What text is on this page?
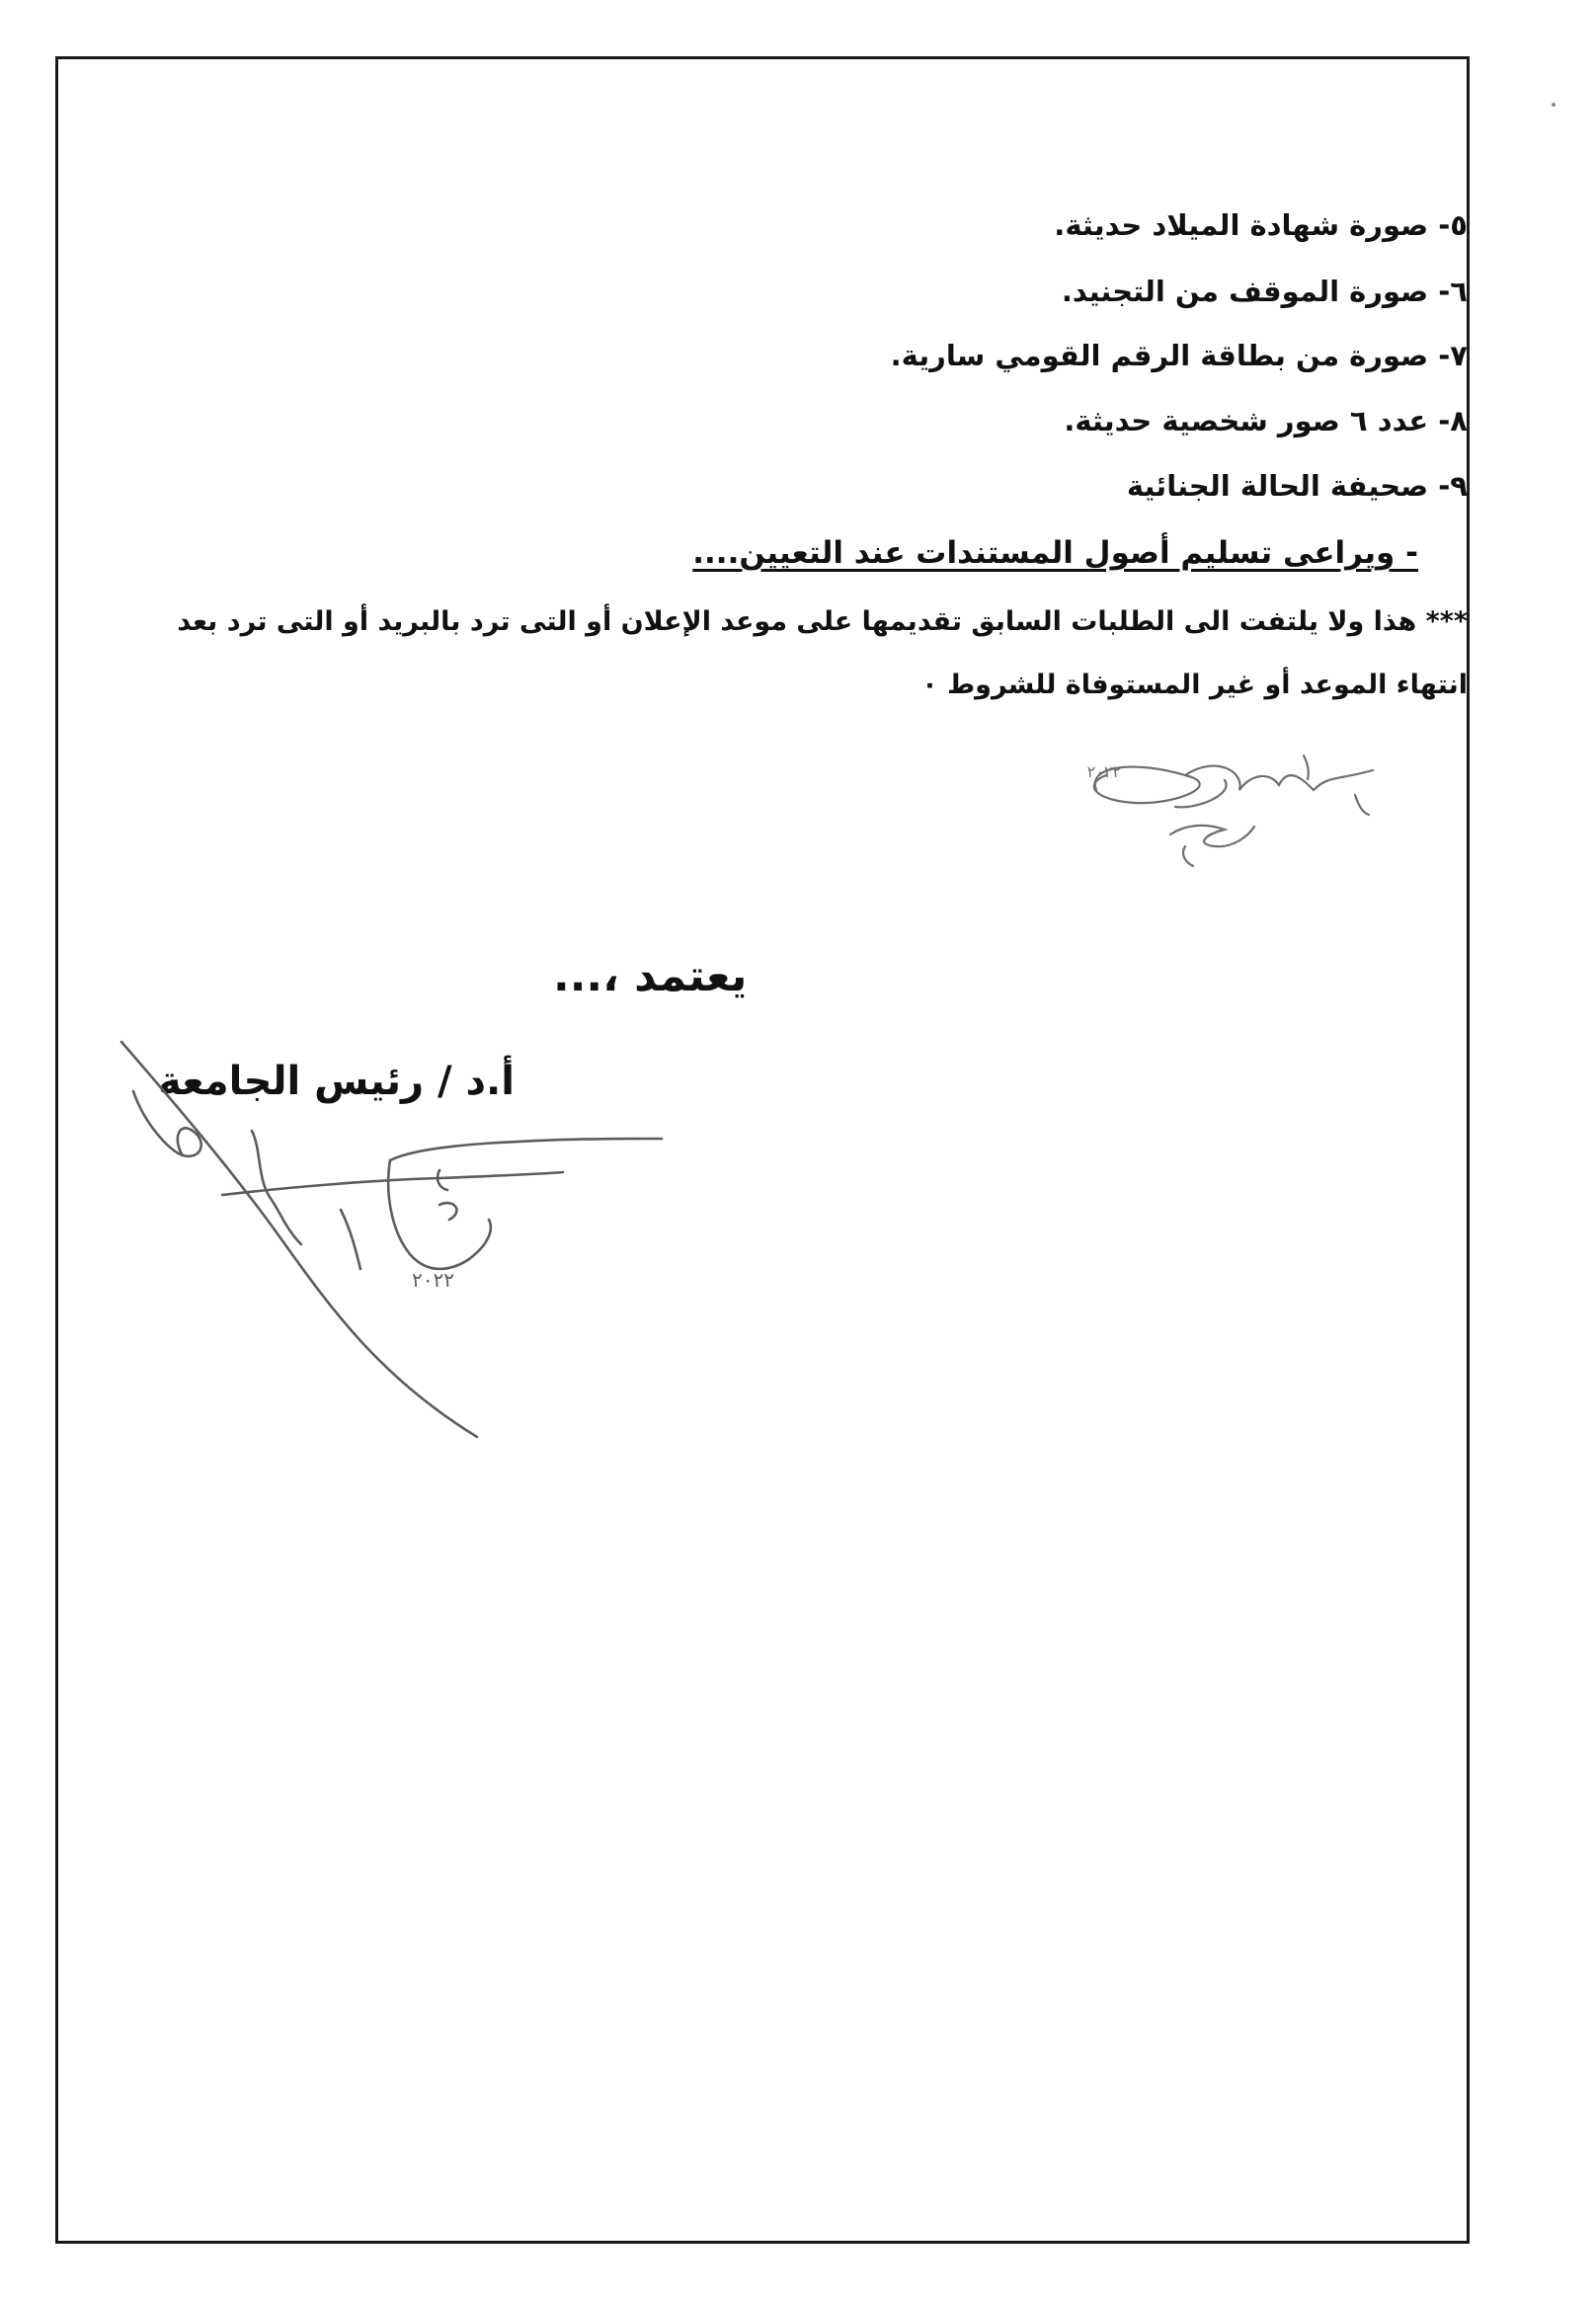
٥- صورة شهادة الميلاد حديثة.
٦- صورة الموقف من التجنيد.
٧- صورة من بطاقة الرقم القومي سارية.
٨- عدد ٦ صور شخصية حديثة.
٩- صحيفة الحالة الجنائية
- ويراعى تسليم أصول المستندات عند التعيين....
*** هذا ولا يلتفت الى الطلبات السابق تقديمها على موعد الإعلان أو التى ترد بالبريد أو التى ترد بعد انتهاء الموعد أو غير المستوفاة للشروط ٠
يعتمد ،...
أ.د / رئيس الجامعة
٢٠٢٢
٢٠٢٢
